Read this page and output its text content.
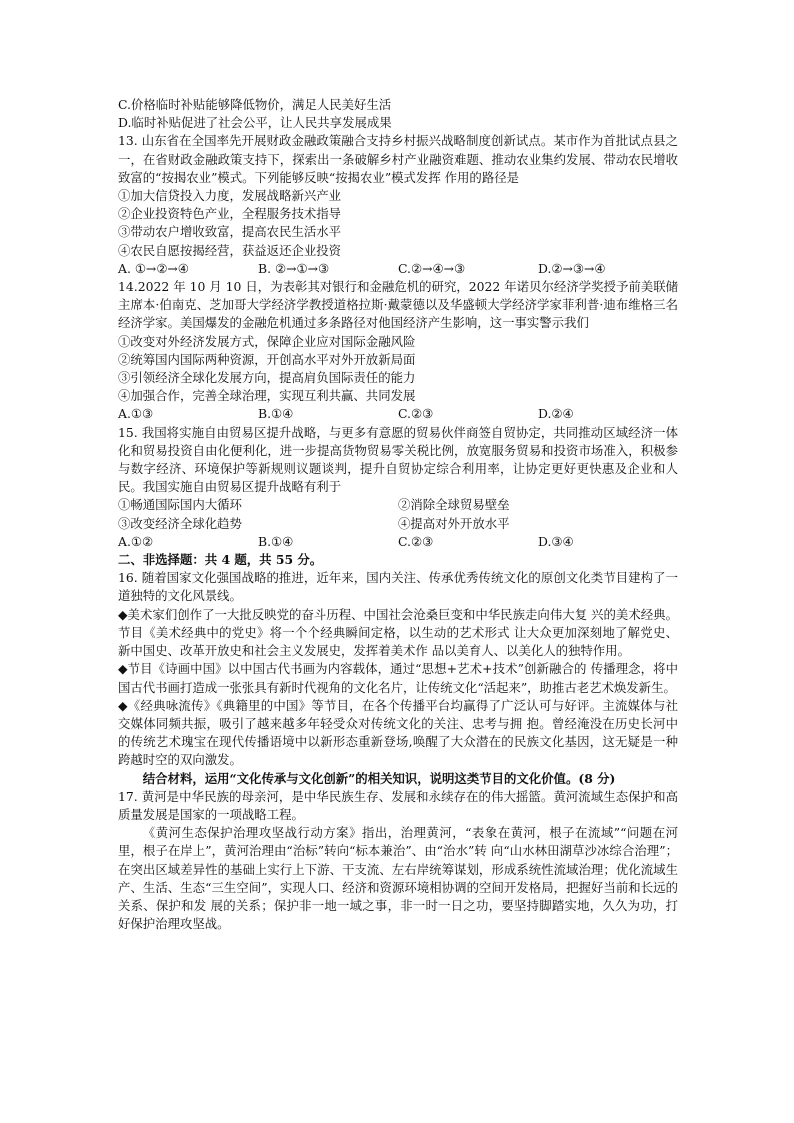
C.价格临时补贴能够降低物价，满足人民美好生活

D.临时补贴促进了社会公平，让人民共享发展成果

13. 山东省在全国率先开展财政金融政策融合支持乡村振兴战略制度创新试点。某市作为首批试点县之一，在省财政金融政策支持下，探索出一条破解乡村产业融资难题、推动农业集约发展、带动农民增收致富的“按揭农业”模式。下列能够反映“按揭农业”模式发挥 作用的路径是

①加大信贷投入力度，发展战略新兴产业

②企业投资特色产业，全程服务技术指导

③带动农户增收致富，提高农民生活水平

④农民自愿按揭经营，获益返还企业投资

A. ①→②→④	B. ②→①→③	C.②→④→③	D.②→③→④

14.2022 年 10 月 10 日，为表彰其对银行和金融危机的研究，2022 年诺贝尔经济学奖授予前美联储主席本·伯南克、芝加哥大学经济学教授道格拉斯·戴蒙德以及华盛顿大学经济学家菲利普·迪布维格三名经济学家。美国爆发的金融危机通过多条路径对他国经济产生影响，这一事实警示我们

①改变对外经济发展方式，保障企业应对国际金融风险

②统筹国内国际两种资源，开创高水平对外开放新局面

③引领经济全球化发展方向，提高肩负国际责任的能力

④加强合作，完善全球治理，实现互利共赢、共同发展

A.①③	B.①④	C.②③	D.②④

15. 我国将实施自由贸易区提升战略，与更多有意愿的贸易伙伴商签自贸协定，共同推动区域经济一体化和贸易投资自由化便利化，进一步提高货物贸易零关税比例，放宽服务贸易和投资市场准入，积极参与数字经济、环境保护等新规则议题谈判，提升自贸协定综合利用率，让协定更好更快惠及企业和人民。我国实施自由贸易区提升战略有利于

①畅通国际国内大循环	②消除全球贸易壁垒
③改变经济全球化趋势	④提高对外开放水平
A.①②	B.①④	C.②③	D.③④

二、非选择题：共 4 题，共 55 分。

16. 随着国家文化强国战略的推进，近年来，国内关注、传承优秀传统文化的原创文化类节目建构了一道独特的文化风景线。

◆美术家们创作了一大批反映党的奋斗历程、中国社会沧桑巨变和中华民族走向伟大复 兴的美术经典。节目《美术经典中的党史》将一个个经典瞬间定格，以生动的艺术形式 让大众更加深刻地了解党史、新中国史、改革开放史和社会主义发展史，发挥着美术作 品以美育人、以美化人的独特作用。

◆节目《诗画中国》以中国古代书画为内容载体，通过“思想+艺术+技术”创新融合的 传播理念，将中国古代书画打造成一张张具有新时代视角的文化名片，让传统文化“活起来”，助推古老艺术焕发新生。

◆《经典咏流传》《典籍里的中国》等节目，在各个传播平台均赢得了广泛认可与好评。主流媒体与社交媒体同频共振，吸引了越来越多年轻受众对传统文化的关注、忠考与拥 抱。曾经淹没在历史长河中的传统艺术瑰宝在现代传播语境中以新形态重新登场,唤醒了大众潜在的民族文化基因，这无疑是一种跨越时空的双向激发。

结合材料，运用“文化传承与文化创新”的相关知识，说明这类节目的文化价值。(8 分)

17. 黄河是中华民族的母亲河，是中华民族生存、发展和永续存在的伟大摇篮。黄河流域生态保护和高质量发展是国家的一项战略工程。

《黄河生态保护治理攻坚战行动方案》指出，治理黄河，“表象在黄河，根子在流域”“问题在河里，根子在岸上”，黄河治理由“治标”转向“标本兼治”、由“治水”转 向“山水林田湖草沙冰综合治理”；在突出区域差异性的基础上实行上下游、干支流、左右岸统筹谋划，形成系统性流域治理；优化流域生产、生活、生态“三生空间”，实现人口、经济和资源环境相协调的空间开发格局，把握好当前和长远的关系、保护和发 展的关系；保护非一地一域之事，非一时一日之功，要坚持脚踏实地，久久为功，打好保护治理攻坚战。
